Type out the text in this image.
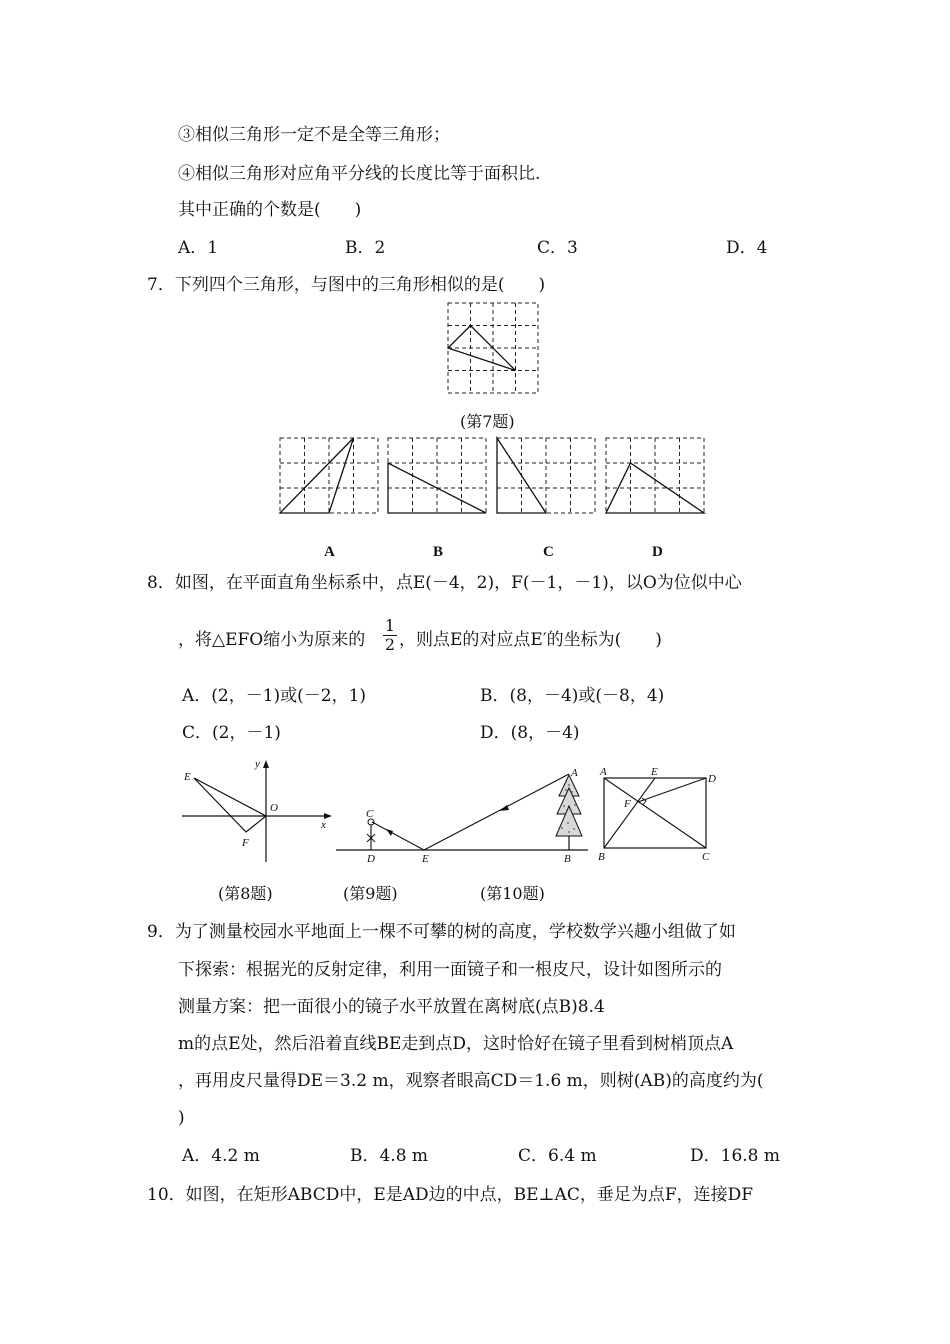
③相似三角形一定不是全等三角形；
④相似三角形对应角平分线的长度比等于面积比.
其中正确的个数是(　　)
A．1	B．2	C．3	D．4
7．下列四个三角形，与图中的三角形相似的是(　　)
(第7题)
A	B	C	D
8．如图，在平面直角坐标系中，点E(－4，2)，F(－1，－1)，以O为位似中心
，将△EFO缩小为原来的 $\frac{1}{2}$ ，则点E的对应点E′的坐标为(　　)
A．(2，－1)或(－2，1)	B．(8，－4)或(－8，4)
C．(2，－1)	D．(8，－4)
E
F
O
x
y
A
B
C
D	E
A	E
D
F
B	C
(第8题)	(第9题)	(第10题)
9．为了测量校园水平地面上一棵不可攀的树的高度，学校数学兴趣小组做了如
下探索：根据光的反射定律，利用一面镜子和一根皮尺，设计如图所示的
测量方案：把一面很小的镜子水平放置在离树底(点B)8.4
m的点E处，然后沿着直线BE走到点D，这时恰好在镜子里看到树梢顶点A
，再用皮尺量得DE＝3.2 m，观察者眼高CD＝1.6 m，则树(AB)的高度约为(
)
A．4.2 m	B．4.8 m	C．6.4 m	D．16.8 m
10．如图，在矩形ABCD中，E是AD边的中点，BE⊥AC，垂足为点F，连接DF
